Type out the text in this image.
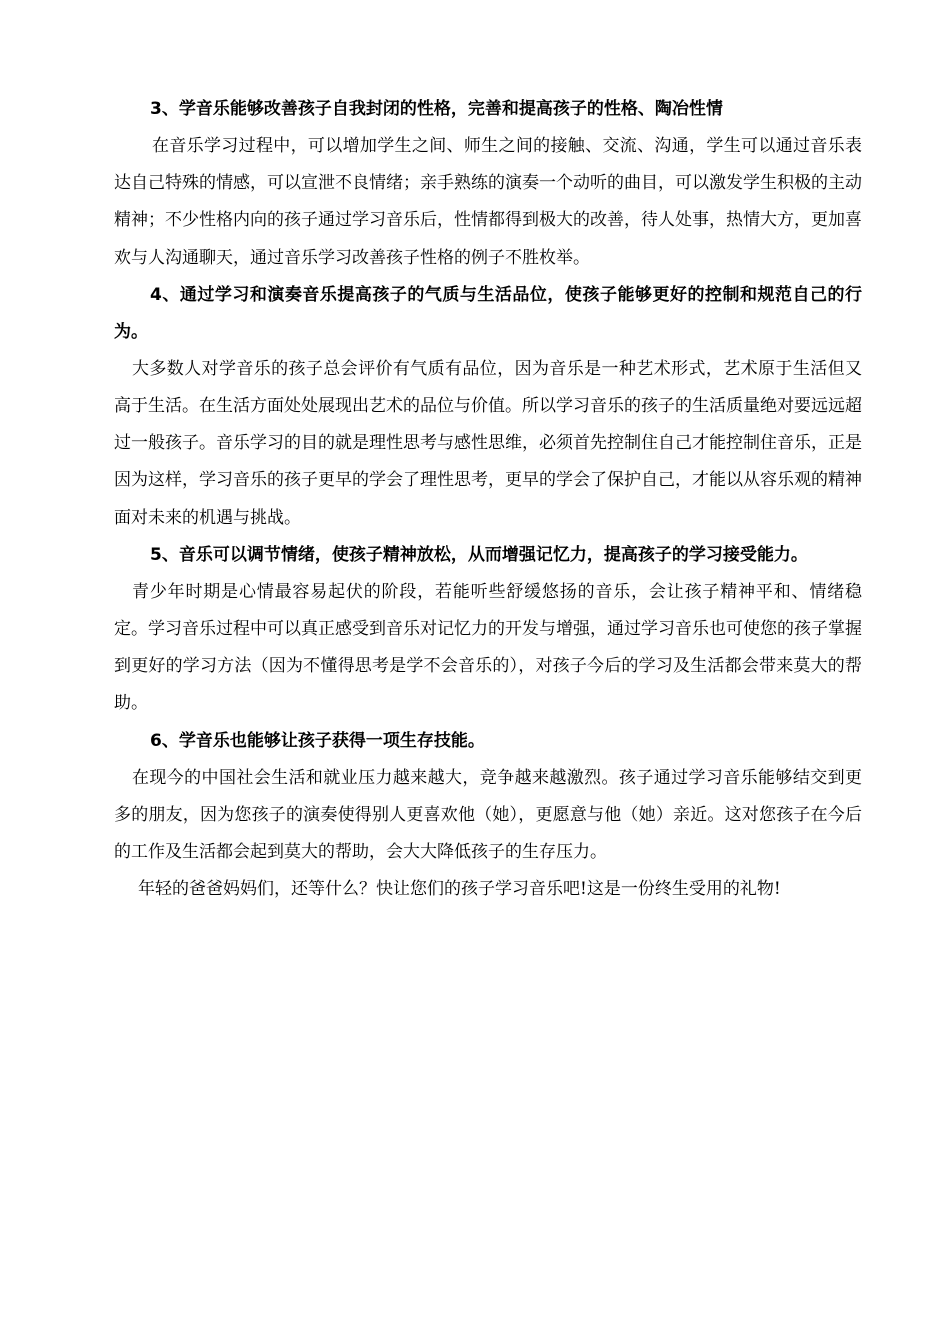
3、学音乐能够改善孩子自我封闭的性格，完善和提高孩子的性格、陶冶性情

在音乐学习过程中，可以增加学生之间、师生之间的接触、交流、沟通，学生可以通过音乐表达自己特殊的情感，可以宣泄不良情绪；亲手熟练的演奏一个动听的曲目，可以激发学生积极的主动精神；不少性格内向的孩子通过学习音乐后，性情都得到极大的改善，待人处事，热情大方，更加喜欢与人沟通聊天，通过音乐学习改善孩子性格的例子不胜枚举。

4、通过学习和演奏音乐提高孩子的气质与生活品位，使孩子能够更好的控制和规范自己的行为。

大多数人对学音乐的孩子总会评价有气质有品位，因为音乐是一种艺术形式，艺术原于生活但又高于生活。在生活方面处处展现出艺术的品位与价值。所以学习音乐的孩子的生活质量绝对要远远超过一般孩子。音乐学习的目的就是理性思考与感性思维，必须首先控制住自己才能控制住音乐，正是因为这样，学习音乐的孩子更早的学会了理性思考，更早的学会了保护自己，才能以从容乐观的精神面对未来的机遇与挑战。

5、音乐可以调节情绪，使孩子精神放松，从而增强记忆力，提高孩子的学习接受能力。

青少年时期是心情最容易起伏的阶段，若能听些舒缓悠扬的音乐，会让孩子精神平和、情绪稳定。学习音乐过程中可以真正感受到音乐对记忆力的开发与增强，通过学习音乐也可使您的孩子掌握到更好的学习方法（因为不懂得思考是学不会音乐的），对孩子今后的学习及生活都会带来莫大的帮助。

6、学音乐也能够让孩子获得一项生存技能。

在现今的中国社会生活和就业压力越来越大，竞争越来越激烈。孩子通过学习音乐能够结交到更多的朋友，因为您孩子的演奏使得别人更喜欢他（她），更愿意与他（她）亲近。这对您孩子在今后的工作及生活都会起到莫大的帮助，会大大降低孩子的生存压力。

年轻的爸爸妈妈们，还等什么？快让您们的孩子学习音乐吧!这是一份终生受用的礼物!
